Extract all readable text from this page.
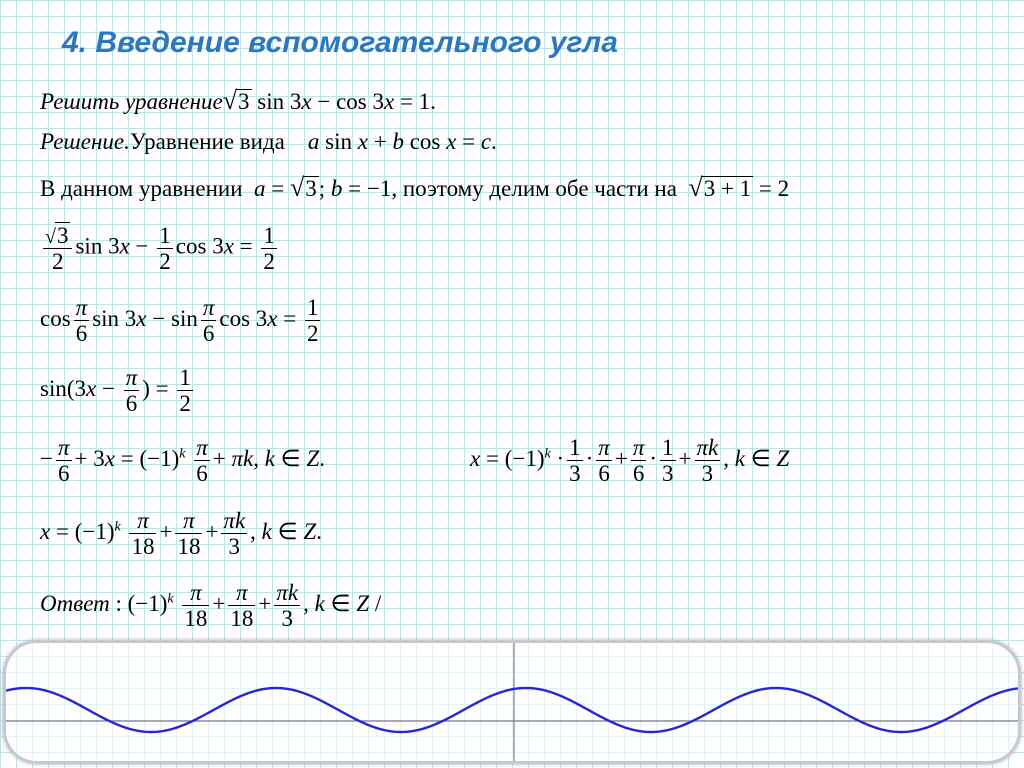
4. Введение вспомогательного угла
Решить уравнение√3 sin 3x − cos 3x = 1.
Решение.Уравнение вида a sin x + b cos x = c.
В данном уравнении a = √3; b = −1, поэтому делим обе части на √3 + 1 = 2
$\frac{√3}{2}$ $\sin 3x - \frac{1}{2}$ $\cos 3x = \frac{1}{2}$
$\cos \frac{\pi}{6}$ $\sin 3x - \sin \frac{\pi}{6}$ $\cos 3x = \frac{1}{2}$
$\sin(3x - \frac{\pi}{6}$ ) = $\frac{1}{2}$
− $\frac{\pi}{6} + 3x = (-1)^k \frac{\pi}{6} + \pi k$, k ∈ Z.	$x = (-1)^k \cdot \frac{1}{3} \cdot \frac{\pi}{6} + \frac{\pi}{6} \cdot \frac{1}{3} + \frac{\pi k}{3}$ , k ∈ Z
$x = (-1)^k \frac{\pi}{18} + \frac{\pi}{18} + \frac{\pi k}{3}$ , k ∈ Z.
Ответ : $(-1)^k \frac{\pi}{18} + \frac{\pi}{18} + \frac{\pi k}{3}$ , k ∈ Z /
